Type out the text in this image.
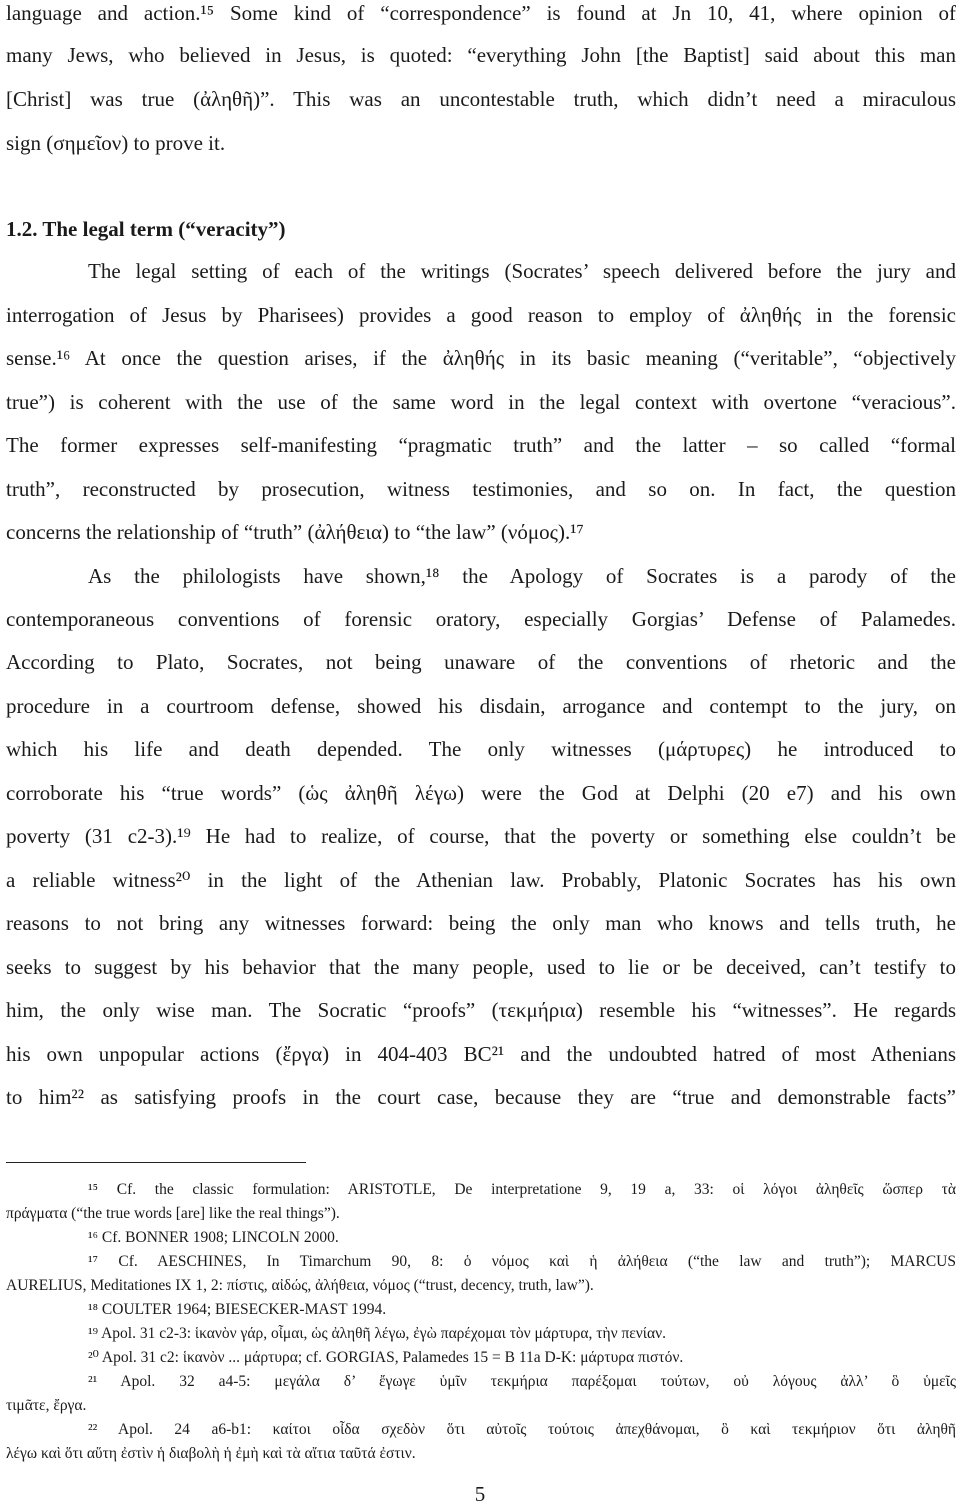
language and action.¹⁵ Some kind of “correspondence” is found at Jn 10, 41, where opinion of
many Jews, who believed in Jesus, is quoted: “everything John [the Baptist] said about this man
[Christ] was true (ἀληθῆ)”. This was an uncontestable truth, which didn’t need a miraculous
sign (σημεῖον) to prove it.
1.2. The legal term (“veracity”)
The legal setting of each of the writings (Socrates’ speech delivered before the jury and
interrogation of Jesus by Pharisees) provides a good reason to employ of ἀληθής in the forensic
sense.¹⁶ At once the question arises, if the ἀληθής in its basic meaning (“veritable”, “objectively
true”) is coherent with the use of the same word in the legal context with overtone “veracious”.
The former expresses self-manifesting “pragmatic truth” and the latter – so called “formal
truth”, reconstructed by prosecution, witness testimonies, and so on. In fact, the question
concerns the relationship of “truth” (ἀλήθεια) to “the law” (νόμος).¹⁷
As the philologists have shown,¹⁸ the Apology of Socrates is a parody of the
contemporaneous conventions of forensic oratory, especially Gorgias’ Defense of Palamedes.
According to Plato, Socrates, not being unaware of the conventions of rhetoric and the
procedure in a courtroom defense, showed his disdain, arrogance and contempt to the jury, on
which his life and death depended. The only witnesses (μάρτυρες) he introduced to
corroborate his “true words” (ὡς ἀληθῆ λέγω) were the God at Delphi (20 e7) and his own
poverty (31 c2-3).¹⁹ He had to realize, of course, that the poverty or something else couldn’t be
a reliable witness²⁰ in the light of the Athenian law. Probably, Platonic Socrates has his own
reasons to not bring any witnesses forward: being the only man who knows and tells truth, he
seeks to suggest by his behavior that the many people, used to lie or be deceived, can’t testify to
him, the only wise man. The Socratic “proofs” (τεκμήρια) resemble his “witnesses”. He regards
his own unpopular actions (ἔργα) in 404-403 BC²¹ and the undoubted hatred of most Athenians
to him²² as satisfying proofs in the court case, because they are “true and demonstrable facts”
¹⁵ Cf. the classic formulation: ARISTOTLE, De interpretatione 9, 19 a, 33: οἱ λόγοι ἀληθεῖς ὥσπερ τὰ
πράγματα (“the true words [are] like the real things”).
¹⁶ Cf. BONNER 1908; LINCOLN 2000.
¹⁷ Cf. AESCHINES, In Timarchum 90, 8: ὁ νόμος καὶ ἡ ἀλήθεια (“the law and truth”); MARCUS
AURELIUS, Meditationes IX 1, 2: πίστις, αἰδώς, ἀλήθεια, νόμος (“trust, decency, truth, law”).
¹⁸ COULTER 1964; BIESECKER-MAST 1994.
¹⁹ Apol. 31 c2-3: ἱκανὸν γάρ, οἶμαι, ὡς ἀληθῆ λέγω, ἐγὼ παρέχομαι τὸν μάρτυρα, τὴν πενίαν.
²⁰ Apol. 31 c2: ἱκανὸν ... μάρτυρα; cf. GORGIAS, Palamedes 15 = B 11a D-K: μάρτυρα πιστόν.
²¹ Apol. 32 a4-5: μεγάλα δ’ ἔγωγε ὑμῖν τεκμήρια παρέξομαι τούτων, οὐ λόγους ἀλλ’ ὃ ὑμεῖς
τιμᾶτε, ἔργα.
²² Apol. 24 a6-b1: καίτοι οἶδα σχεδὸν ὅτι αὐτοῖς τούτοις ἀπεχθάνομαι, ὃ καὶ τεκμήριον ὅτι ἀληθῆ
λέγω καὶ ὅτι αὕτη ἐστὶν ἡ διαβολὴ ἡ ἐμὴ καὶ τὰ αἴτια ταῦτά ἐστιν.
5
